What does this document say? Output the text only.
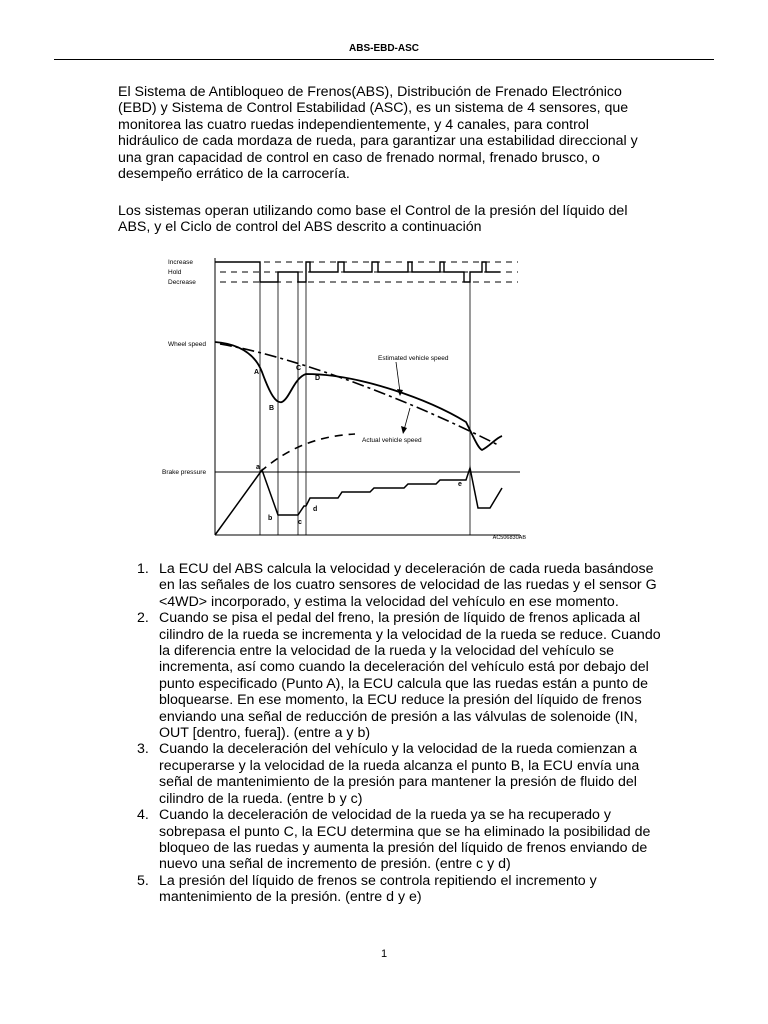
ABS-EBD-ASC

El Sistema de Antibloqueo de Frenos(ABS), Distribución de Frenado Electrónico (EBD) y Sistema de Control Estabilidad (ASC), es un sistema de 4 sensores, que monitorea las cuatro ruedas independientemente, y 4 canales, para control hidráulico de cada mordaza de rueda, para garantizar una estabilidad direccional y una gran capacidad de control en caso de frenado normal, frenado brusco, o desempeño errático de la carrocería.

Los sistemas operan utilizando como base el Control de la presión del líquido del ABS, y el Ciclo de control del ABS descrito a continuación

Increase
Hold
Decrease
Wheel speed
Estimated vehicle speed
Actual vehicle speed
Brake pressure
AC506830AB
A
B
C
D
a
b
c
d
e
1. La ECU del ABS calcula la velocidad y deceleración de cada rueda basándose en las señales de los cuatro sensores de velocidad de las ruedas y el sensor G <4WD> incorporado, y estima la velocidad del vehículo en ese momento.
2. Cuando se pisa el pedal del freno, la presión de líquido de frenos aplicada al cilindro de la rueda se incrementa y la velocidad de la rueda se reduce. Cuando la diferencia entre la velocidad de la rueda y la velocidad del vehículo se incrementa, así como cuando la deceleración del vehículo está por debajo del punto especificado (Punto A), la ECU calcula que las ruedas están a punto de bloquearse. En ese momento, la ECU reduce la presión del líquido de frenos enviando una señal de reducción de presión a las válvulas de solenoide (IN, OUT [dentro, fuera]). (entre a y b)
3. Cuando la deceleración del vehículo y la velocidad de la rueda comienzan a recuperarse y la velocidad de la rueda alcanza el punto B, la ECU envía una señal de mantenimiento de la presión para mantener la presión de fluido del cilindro de la rueda. (entre b y c)
4. Cuando la deceleración de velocidad de la rueda ya se ha recuperado y sobrepasa el punto C, la ECU determina que se ha eliminado la posibilidad de bloqueo de las ruedas y aumenta la presión del líquido de frenos enviando de nuevo una señal de incremento de presión. (entre c y d)
5. La presión del líquido de frenos se controla repitiendo el incremento y mantenimiento de la presión. (entre d y e)
1
